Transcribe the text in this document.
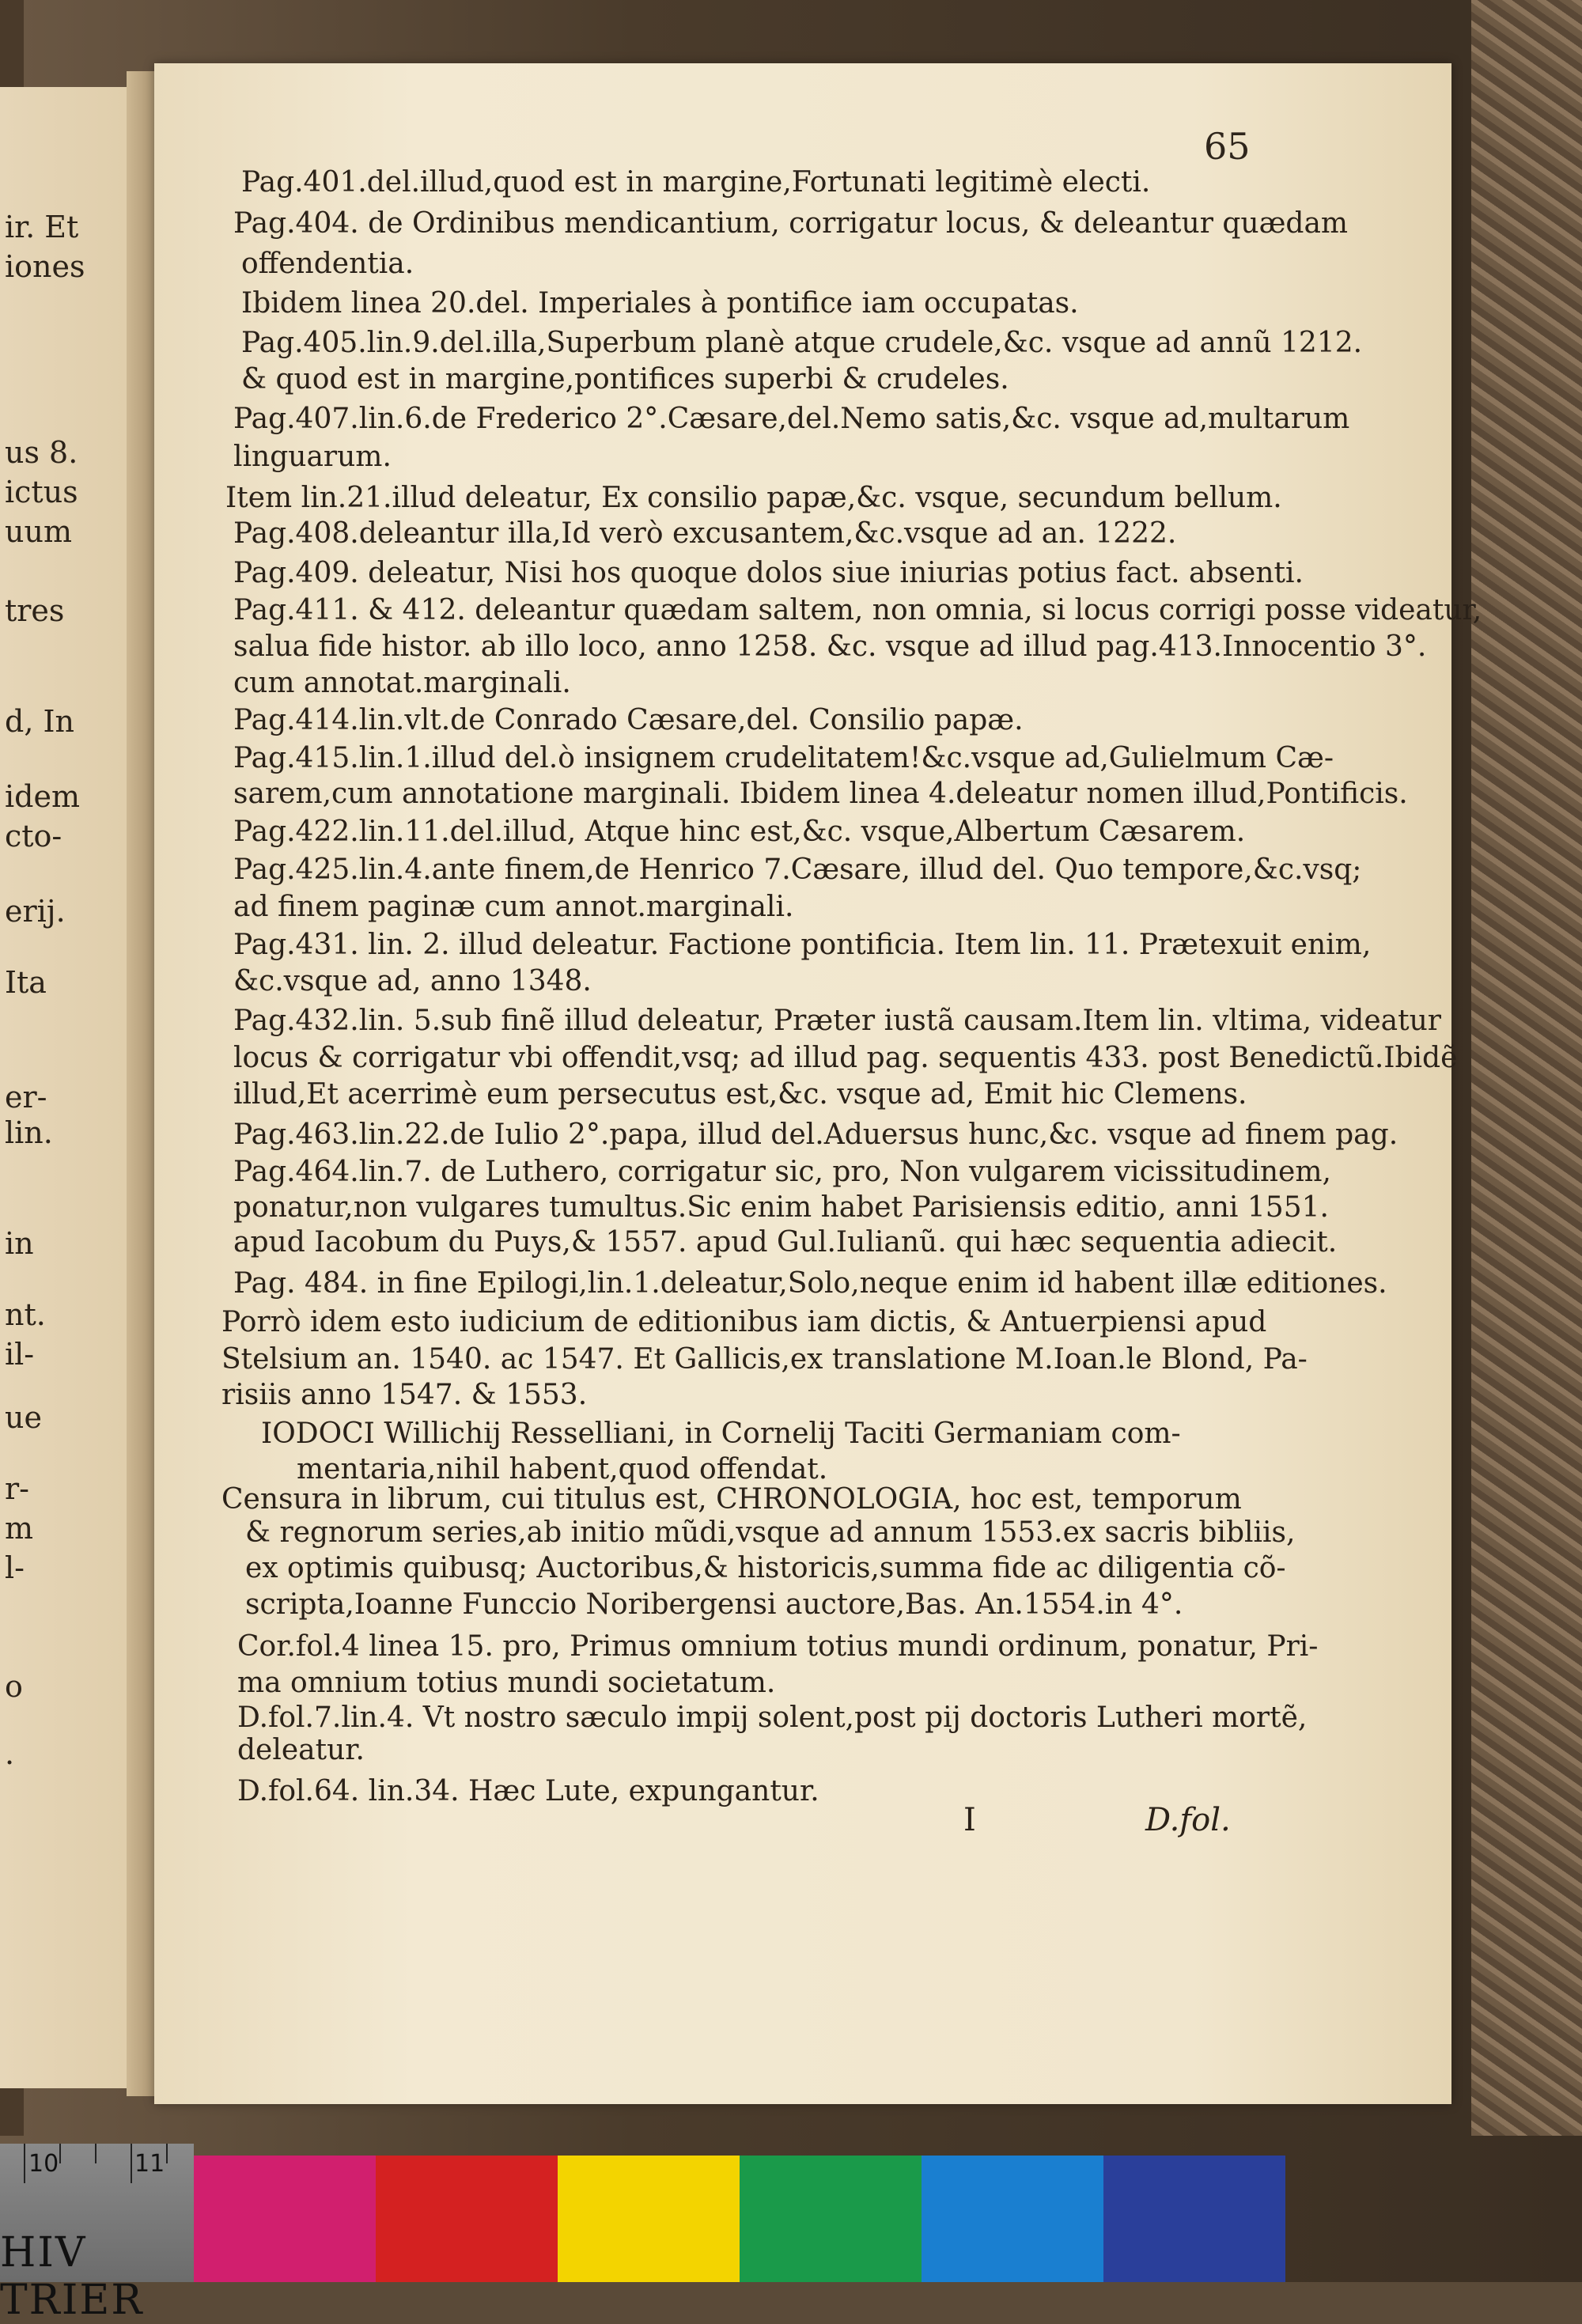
ir. Et
iones
us 8.
ictus
uum
tres
d, In
idem
cto-
erij.
Ita
er-
lin.
in
nt.
il-
ue
r-
m
l-
o
.
65
Pag.401.del.illud,quod est in margine,Fortunati legitimè electi.
Pag.404. de Ordinibus mendicantium, corrigatur locus, & deleantur quædam
offendentia.
Ibidem linea 20.del. Imperiales à pontifice iam occupatas.
Pag.405.lin.9.del.illa,Superbum planè atque crudele,&c. vsque ad annũ 1212.
& quod est in margine,pontifices superbi & crudeles.
Pag.407.lin.6.de Frederico 2°.Cæsare,del.Nemo satis,&c. vsque ad,multarum
linguarum.
Item lin.21.illud deleatur, Ex consilio papæ,&c. vsque, secundum bellum.
Pag.408.deleantur illa,Id verò excusantem,&c.vsque ad an. 1222.
Pag.409. deleatur, Nisi hos quoque dolos siue iniurias potius fact. absenti.
Pag.411. & 412. deleantur quædam saltem, non omnia, si locus corrigi posse videatur,
salua fide histor. ab illo loco, anno 1258. &c. vsque ad illud pag.413.Innocentio 3°.
cum annotat.marginali.
Pag.414.lin.vlt.de Conrado Cæsare,del. Consilio papæ.
Pag.415.lin.1.illud del.ò insignem crudelitatem!&c.vsque ad,Gulielmum Cæ-
sarem,cum annotatione marginali. Ibidem linea 4.deleatur nomen illud,Pontificis.
Pag.422.lin.11.del.illud, Atque hinc est,&c. vsque,Albertum Cæsarem.
Pag.425.lin.4.ante finem,de Henrico 7.Cæsare, illud del. Quo tempore,&c.vsq;
ad finem paginæ cum annot.marginali.
Pag.431. lin. 2. illud deleatur. Factione pontificia. Item lin. 11. Prætexuit enim,
&c.vsque ad, anno 1348.
Pag.432.lin. 5.sub finẽ illud deleatur, Præter iustã causam.Item lin. vltima, videatur
locus & corrigatur vbi offendit,vsq; ad illud pag. sequentis 433. post Benedictũ.Ibidẽ
illud,Et acerrimè eum persecutus est,&c. vsque ad, Emit hic Clemens.
Pag.463.lin.22.de Iulio 2°.papa, illud del.Aduersus hunc,&c. vsque ad finem pag.
Pag.464.lin.7. de Luthero, corrigatur sic, pro, Non vulgarem vicissitudinem,
ponatur,non vulgares tumultus.Sic enim habet Parisiensis editio, anni 1551.
apud Iacobum du Puys,& 1557. apud Gul.Iulianũ. qui hæc sequentia adiecit.
Pag. 484. in fine Epilogi,lin.1.deleatur,Solo,neque enim id habent illæ editiones.
Porrò idem esto iudicium de editionibus iam dictis, & Antuerpiensi apud
Stelsium an. 1540. ac 1547. Et Gallicis,ex translatione M.Ioan.le Blond, Pa-
risiis anno 1547. & 1553.
IODOCI Willichij Resselliani, in Cornelij Taciti Germaniam com-
mentaria,nihil habent,quod offendat.
Censura in librum, cui titulus est, CHRONOLOGIA, hoc est, temporum
& regnorum series,ab initio mũdi,vsque ad annum 1553.ex sacris bibliis,
ex optimis quibusq; Auctoribus,& historicis,summa fide ac diligentia cõ-
scripta,Ioanne Funccio Noribergensi auctore,Bas. An.1554.in 4°.
Cor.fol.4 linea 15. pro, Primus omnium totius mundi ordinum, ponatur, Pri-
ma omnium totius mundi societatum.
D.fol.7.lin.4. Vt nostro sæculo impij solent,post pij doctoris Lutheri mortẽ,
deleatur.
D.fol.64. lin.34. Hæc Lute, expungantur.
I	D.fol.
10	11
HIV TRIER
